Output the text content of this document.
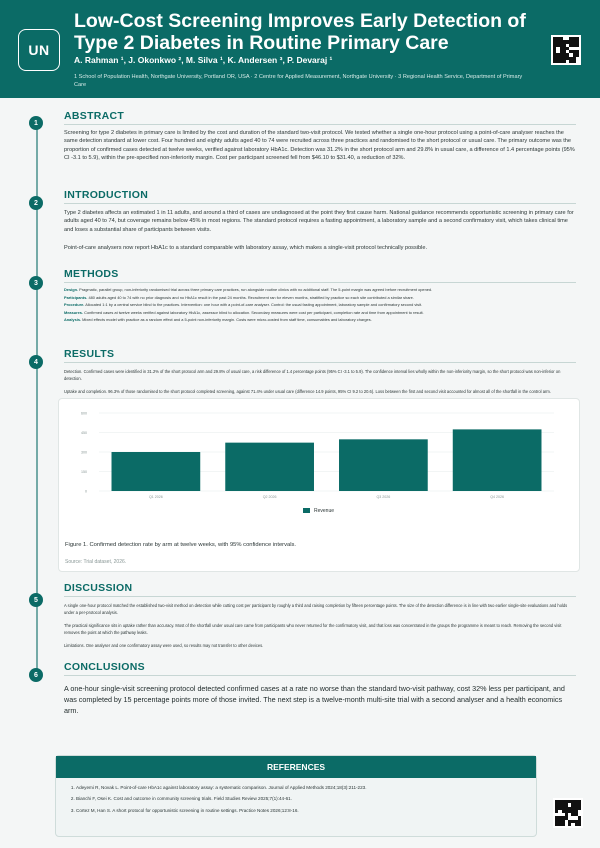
UN
Low-Cost Screening Improves Early Detection of Type 2 Diabetes in Routine Primary Care
A. Rahman ¹, J. Okonkwo ², M. Silva ¹, K. Andersen ³, P. Devaraj ¹
1 School of Population Health, Northgate University, Portland OR, USA · 2 Centre for Applied Measurement, Northgate University · 3 Regional Health Service, Department of Primary Care
1
2
3
4
5
6
ABSTRACT

Screening for type 2 diabetes in primary care is limited by the cost and duration of the standard two-visit protocol. We tested whether a single one-hour protocol using a point-of-care analyser reaches the same detection standard at lower cost. Four hundred and eighty adults aged 40 to 74 were recruited across three practices and randomised to the short protocol or usual care. The primary outcome was the proportion of confirmed cases detected at twelve weeks, verified against laboratory HbA1c. Detection was 31.2% in the short protocol arm and 29.8% in usual care, a difference of 1.4 percentage points (95% CI -3.1 to 5.9), within the pre-specified non-inferiority margin. Cost per participant screened fell from $46.10 to $31.40, a reduction of 32%.

INTRODUCTION

Type 2 diabetes affects an estimated 1 in 11 adults, and around a third of cases are undiagnosed at the point they first cause harm. National guidance recommends opportunistic screening in primary care for adults aged 40 to 74, but coverage remains below 45% in most regions. The standard protocol requires a fasting appointment, a laboratory sample and a second confirmatory visit, which takes clinical time and loses a substantial share of participants between visits.

Point-of-care analysers now report HbA1c to a standard comparable with laboratory assay, which makes a single-visit protocol technically possible.

METHODS
Design. Pragmatic, parallel group, non-inferiority randomised trial across three primary care practices, run alongside routine clinics with no additional staff. The 5-point margin was agreed before recruitment opened.
Participants. 480 adults aged 40 to 74 with no prior diagnosis and no HbA1c result in the past 24 months. Recruitment ran for eleven months, stratified by practice so each site contributed a similar share.
Procedure. Allocated 1:1 by a central service blind to the practices. Intervention: one hour with a point-of-care analyser. Control: the usual fasting appointment, laboratory sample and confirmatory second visit.
Measures. Confirmed cases at twelve weeks verified against laboratory HbA1c, assessor blind to allocation. Secondary measures were cost per participant, completion rate and time from appointment to result.
Analysis. Mixed effects model with practice as a random effect and a 5-point non-inferiority margin. Costs were micro-costed from staff time, consumables and laboratory charges.
RESULTS

Detection. Confirmed cases were identified in 31.2% of the short protocol arm and 29.8% of usual care, a risk difference of 1.4 percentage points (95% CI -3.1 to 5.9). The confidence interval lies wholly within the non-inferiority margin, so the short protocol was non-inferior on detection.

Uptake and completion. 96.3% of those randomised to the short protocol completed screening, against 71.4% under usual care (difference 14.9 points, 95% CI 9.2 to 20.6). Loss between the first and second visit accounted for almost all of the shortfall in the control arm.

600
450
300
150
0
Q1 2026	Q2 2026	Q3 2026	Q4 2026
Revenue
Figure 1. Confirmed detection rate by arm at twelve weeks, with 95% confidence intervals.
Source: Trial dataset, 2026.
DISCUSSION

A single one-hour protocol matched the established two-visit method on detection while cutting cost per participant by roughly a third and raising completion by fifteen percentage points. The size of the detection difference is in line with two earlier single-site evaluations and holds under a per-protocol analysis.

The practical significance sits in uptake rather than accuracy. Most of the shortfall under usual care came from participants who never returned for the confirmatory visit, and that loss was concentrated in the groups the programme is meant to reach. Removing the second visit removes the point at which the pathway leaks.

Limitations. One analyser and one confirmatory assay were used, so results may not transfer to other devices.

CONCLUSIONS

A one-hour single-visit screening protocol detected confirmed cases at a rate no worse than the standard two-visit pathway, cost 32% less per participant, and was completed by 15 percentage points more of those invited. The next step is a twelve-month multi-site trial with a second analyser and a health economics arm.

REFERENCES
1. Adeyemi R, Novak L. Point-of-care HbA1c against laboratory assay: a systematic comparison. Journal of Applied Methods 2024;18(3):211-223.
2. Bianchi F, Osei K. Cost and outcome in community screening trials. Field Studies Review 2025;7(1):44-61.
3. Cortez M, Han S. A short protocol for opportunistic screening in routine settings. Practice Notes 2026;12:8-16.
